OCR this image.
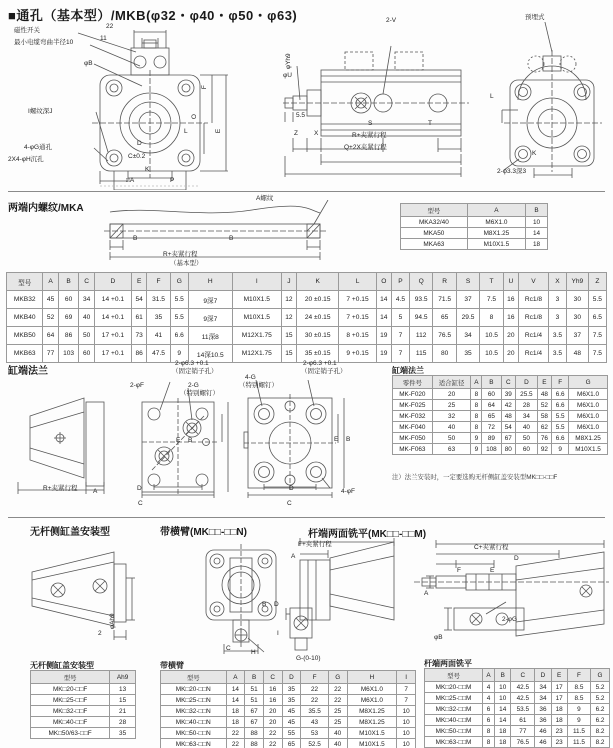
■通孔（基本型）/MKB(φ32・φ40・φ50・φ63)
磁性开关
最小电缆弯曲半径10
22
11
φB
I螺纹深J
4-φG通孔
2X4-φH沉孔
D
C±0.2
K
□A	P
L
O
F
E
2-V
φYh9
φU
5.5
Z X
S	T
R+夹紧行程
Q+2X夹紧行程
预埋式
L
K
2-φ3.3深3
两端内螺纹/MKA
A螺纹
B	B
R+夹紧行程
（基本型）
型号	A	B
MKA32/40	M6X1.0	10
MKA50	M8X1.25	14
MKA63	M10X1.5	18
型号	A	B	C	D	E	F	G	H	I	J	K	L	O	P	Q	R	S	T	U	V	X	Yh9	Z
MKB32	45	60	34	14 +0.1	54	31.5	5.5	9深7	M10X1.5	12	20 ±0.15	7 +0.15	14	4.5	93.5	71.5	37	7.5	16	Rc1/8	3	30	5.5
MKB40	52	69	40	14 +0.1	61	35	5.5	9深7	M10X1.5	12	24 ±0.15	7 +0.15	14	5	94.5	65	29.5	8	16	Rc1/8	3	30	6.5
MKB50	64	86	50	17 +0.1	73	41	6.6	11深8	M12X1.75	15	30 ±0.15	8 +0.15	19	7	112	76.5	34	10.5	20	Rc1/4	3.5	37	7.5
MKB63	77	103	60	17 +0.1	86	47.5	9	14深10.5	M12X1.75	15	35 ±0.15	9 +0.15	19	7	115	80	35	10.5	20	Rc1/4	3.5	48	7.5
缸端法兰
R+夹紧行程 A
2-φ6.3 +0.1
（固定销子孔）
2-φF	2-G
（特别螺钉）
E B
D
C
4-G
（特别螺钉）
2-φ6.3 +0.1
（固定销子孔）
E B
D
C
4-φF
缸端法兰
零件号	适合缸径	A	B	C	D	E	F	G
MK-F020	20	8	60	39	25.5	48	6.6	M6X1.0
MK-F025	25	8	64	42	28	52	6.6	M6X1.0
MK-F032	32	8	65	48	34	58	5.5	M6X1.0
MK-F040	40	8	72	54	40	62	5.5	M6X1.0
MK-F050	50	9	89	67	50	76	6.6	M8X1.25
MK-F063	63	9	108	80	60	92	9	M10X1.5
注）法兰安装时，一定要选购无杆侧缸盖安装型MK□□-□□F
无杆侧缸盖安装型	带横臂(MK□□-□□N)	杆端两面铣平(MK□□-□□M)
φAh9
2
B D
C
H
F+夹紧行程
A
I
G-(0-10)
C+夹紧行程
D
F	E
A
2-φG
φB
无杆侧缸盖安装型
型号	Ah9
MK□20-□□F	13
MK□25-□□F	15
MK□32-□□F	21
MK□40-□□F	28
MK□50/63-□□F	35
带横臂
型号	A	B	C	D	F	G	H	I
MK□20-□□N	14	51	16	35	22	22	M6X1.0	7
MK□25-□□N	14	51	16	35	22	22	M6X1.0	7
MK□32-□□N	18	67	20	45	35.5	25	M8X1.25	10
MK□40-□□N	18	67	20	45	43	25	M8X1.25	10
MK□50-□□N	22	88	22	55	53	40	M10X1.5	10
MK□63-□□N	22	88	22	65	52.5	40	M10X1.5	10
杆端两面铣平
型号	A	B	C	D	E	F	G
MK□20-□□M	4	10	42.5	34	17	8.5	5.2
MK□25-□□M	4	10	42.5	34	17	8.5	5.2
MK□32-□□M	6	14	53.5	36	18	9	6.2
MK□40-□□M	6	14	61	36	18	9	6.2
MK□50-□□M	8	18	77	46	23	11.5	8.2
MK□63-□□M	8	18	76.5	46	23	11.5	8.2
